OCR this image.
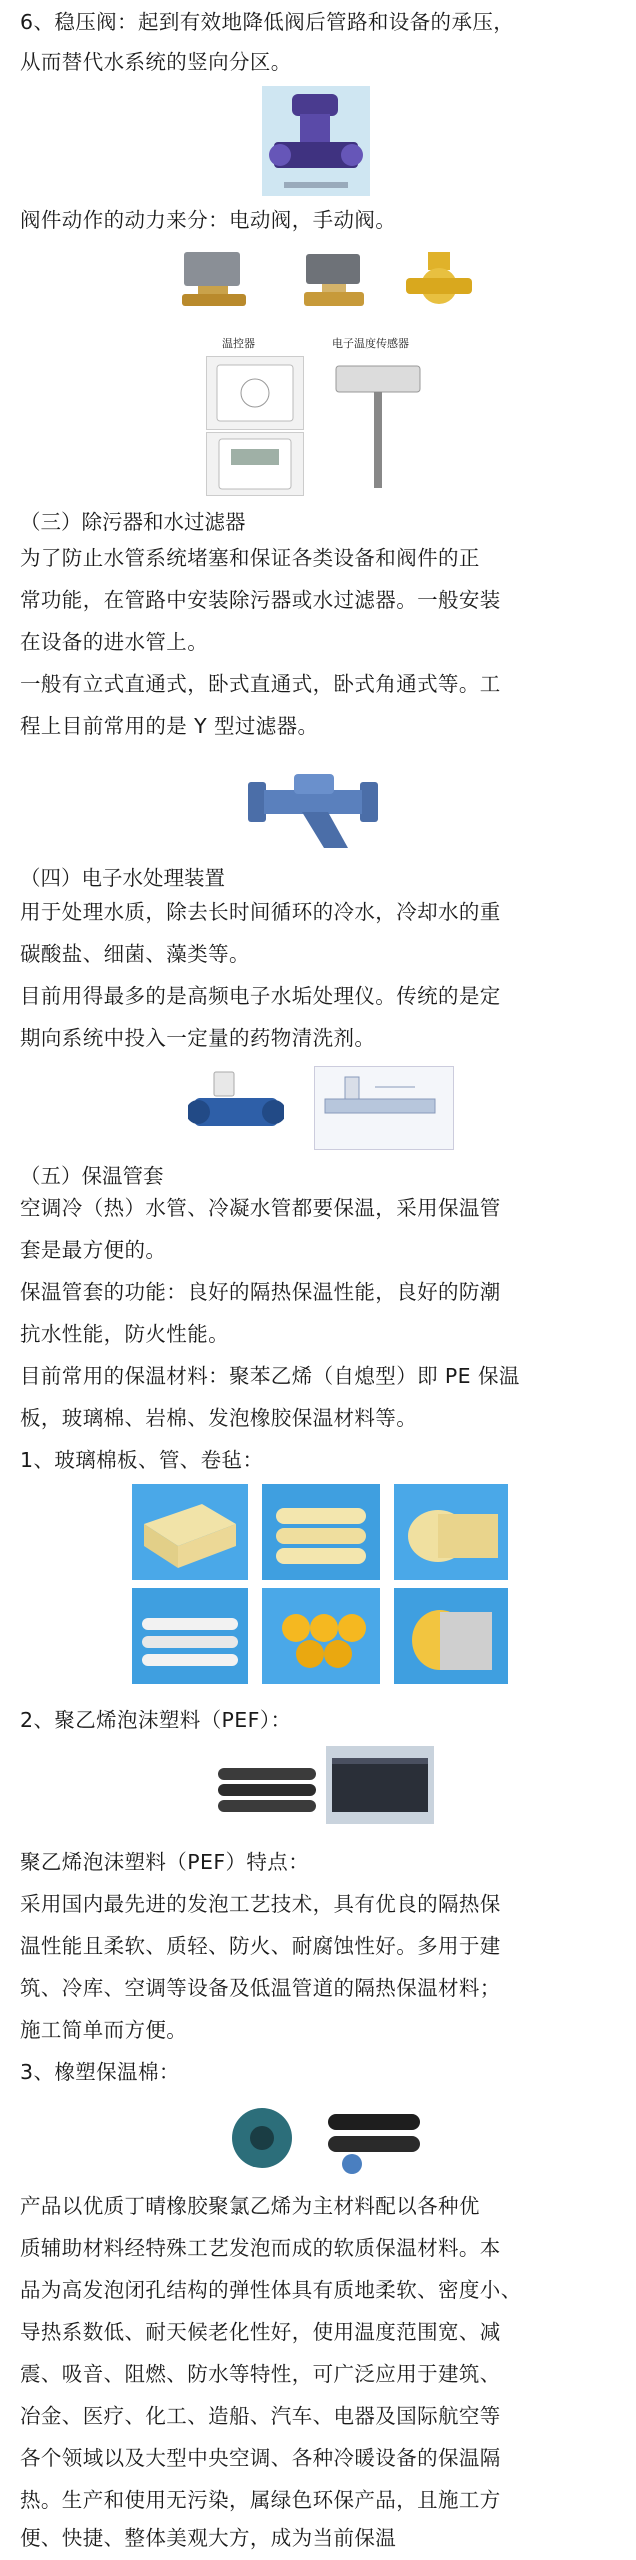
6、稳压阀：起到有效地降低阀后管路和设备的承压，
从而替代水系统的竖向分区。
阀件动作的动力来分：电动阀，手动阀。
温控器	电子温度传感器
（三）除污器和水过滤器
为了防止水管系统堵塞和保证各类设备和阀件的正
常功能，在管路中安装除污器或水过滤器。一般安装
在设备的进水管上。
一般有立式直通式，卧式直通式，卧式角通式等。工
程上目前常用的是 Y 型过滤器。
（四）电子水处理装置
用于处理水质，除去长时间循环的冷水，冷却水的重
碳酸盐、细菌、藻类等。
目前用得最多的是高频电子水垢处理仪。传统的是定
期向系统中投入一定量的药物清洗剂。
（五）保温管套
空调冷（热）水管、冷凝水管都要保温，采用保温管
套是最方便的。
保温管套的功能：良好的隔热保温性能，良好的防潮
抗水性能，防火性能。
目前常用的保温材料：聚苯乙烯（自熄型）即 PE 保温
板，玻璃棉、岩棉、发泡橡胶保温材料等。
1、玻璃棉板、管、卷毡：
2、聚乙烯泡沫塑料（PEF）：
聚乙烯泡沫塑料（PEF）特点：
采用国内最先进的发泡工艺技术，具有优良的隔热保
温性能且柔软、质轻、防火、耐腐蚀性好。多用于建
筑、冷库、空调等设备及低温管道的隔热保温材料；
施工简单而方便。
3、橡塑保温棉：
产品以优质丁晴橡胶聚氯乙烯为主材料配以各种优
质辅助材料经特殊工艺发泡而成的软质保温材料。本
品为高发泡闭孔结构的弹性体具有质地柔软、密度小、
导热系数低、耐天候老化性好，使用温度范围宽、减
震、吸音、阻燃、防水等特性，可广泛应用于建筑、
冶金、医疗、化工、造船、汽车、电器及国际航空等
各个领域以及大型中央空调、各种冷暖设备的保温隔
热。生产和使用无污染，属绿色环保产品，且施工方
便、快捷、整体美观大方，成为当前保温
